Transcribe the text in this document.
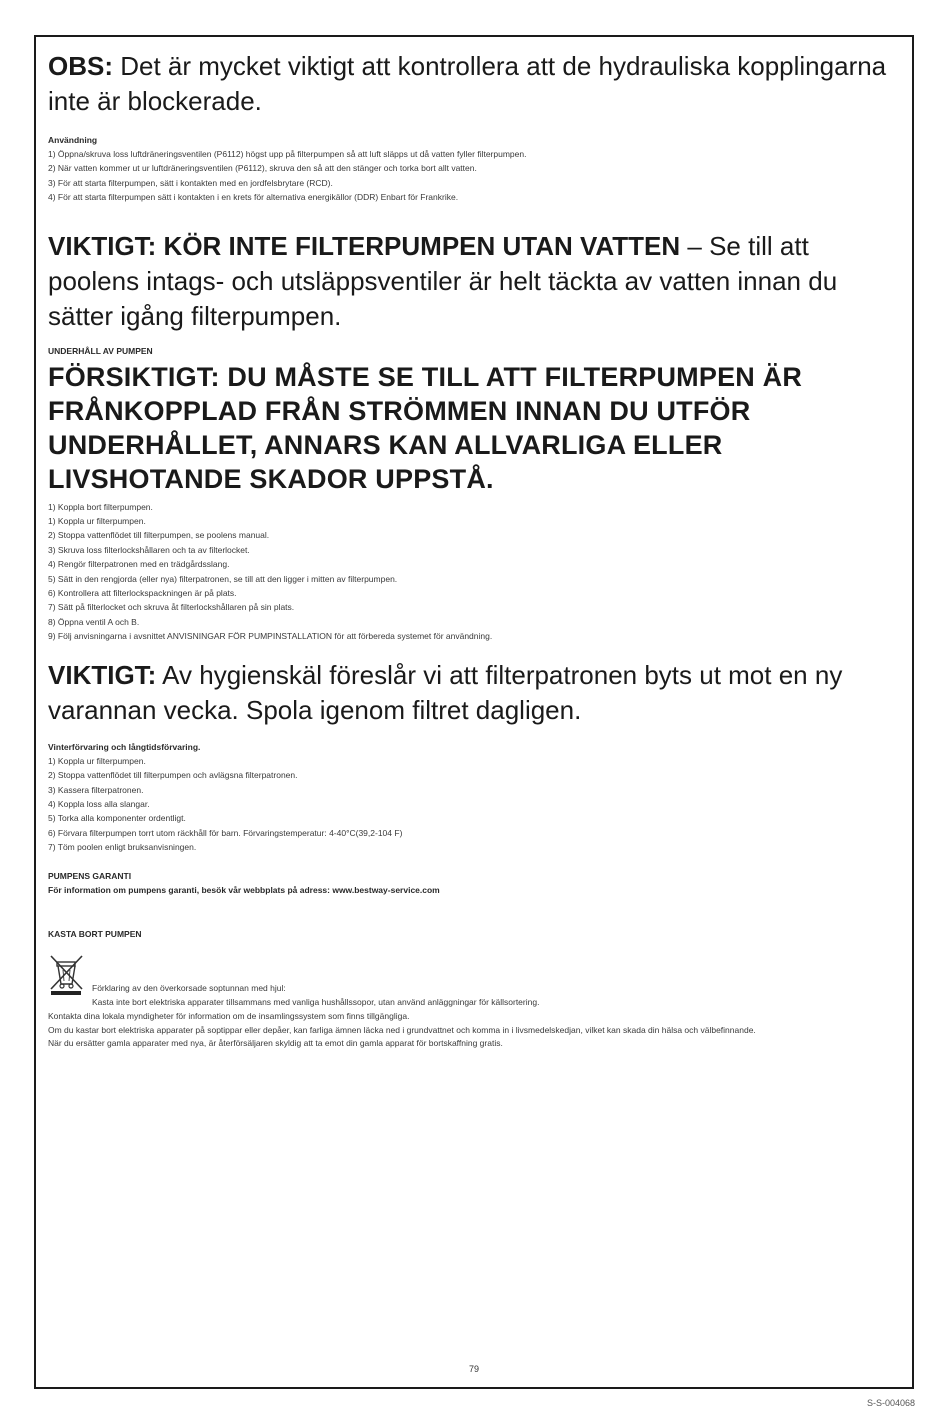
OBS: Det är mycket viktigt att kontrollera att de hydrauliska kopplingarna inte är blockerade.

Användning

1) Öppna/skruva loss luftdräneringsventilen (P6112) högst upp på filterpumpen så att luft släpps ut då vatten fyller filterpumpen.
2) När vatten kommer ut ur luftdräneringsventilen (P6112), skruva den så att den stänger och torka bort allt vatten.
3) För att starta filterpumpen, sätt i kontakten med en jordfelsbrytare (RCD).
4) För att starta filterpumpen sätt i kontakten i en krets för alternativa energikällor (DDR) Enbart för Frankrike.

VIKTIGT: KÖR INTE FILTERPUMPEN UTAN VATTEN – Se till att poolens intags- och utsläppsventiler är helt täckta av vatten innan du sätter igång filterpumpen.

UNDERHÅLL AV PUMPEN

FÖRSIKTIGT: DU MÅSTE SE TILL ATT FILTERPUMPEN ÄR FRÅNKOPPLAD FRÅN STRÖMMEN INNAN DU UTFÖR UNDERHÅLLET, ANNARS KAN ALLVARLIGA ELLER LIVSHOTANDE SKADOR UPPSTÅ.

1) Koppla bort filterpumpen.
1) Koppla ur filterpumpen.
2) Stoppa vattenflödet till filterpumpen, se poolens manual.
3) Skruva loss filterlockshållaren och ta av filterlocket.
4) Rengör filterpatronen med en trädgårdsslang.
5) Sätt in den rengjorda (eller nya) filterpatronen, se till att den ligger i mitten av filterpumpen.
6) Kontrollera att filterlockspackningen är på plats.
7) Sätt på filterlocket och skruva åt filterlockshållaren på sin plats.
8) Öppna ventil A och B.
9) Följ anvisningarna i avsnittet ANVISNINGAR FÖR PUMPINSTALLATION för att förbereda systemet för användning.

VIKTIGT: Av hygienskäl föreslår vi att filterpatronen byts ut mot en ny varannan vecka. Spola igenom filtret dagligen.

Vinterförvaring och långtidsförvaring.

1) Koppla ur filterpumpen.
2) Stoppa vattenflödet till filterpumpen och avlägsna filterpatronen.
3) Kassera filterpatronen.
4) Koppla loss alla slangar.
5) Torka alla komponenter ordentligt.
6) Förvara filterpumpen torrt utom räckhåll för barn. Förvaringstemperatur: 4-40°C(39,2-104 F)
7) Töm poolen enligt bruksanvisningen.

PUMPENS GARANTI

För information om pumpens garanti, besök vår webbplats på adress: www.bestway-service.com

KASTA BORT PUMPEN

Förklaring av den överkorsade soptunnan med hjul:

Kasta inte bort elektriska apparater tillsammans med vanliga hushållssopor, utan använd anläggningar för källsortering.

Kontakta dina lokala myndigheter för information om de insamlingssystem som finns tillgängliga.

Om du kastar bort elektriska apparater på soptippar eller depåer, kan farliga ämnen läcka ned i grundvattnet och komma in i livsmedelskedjan, vilket kan skada din hälsa och välbefinnande.

När du ersätter gamla apparater med nya, är återförsäljaren skyldig att ta emot din gamla apparat för bortskaffning gratis.

79
S-S-004068
